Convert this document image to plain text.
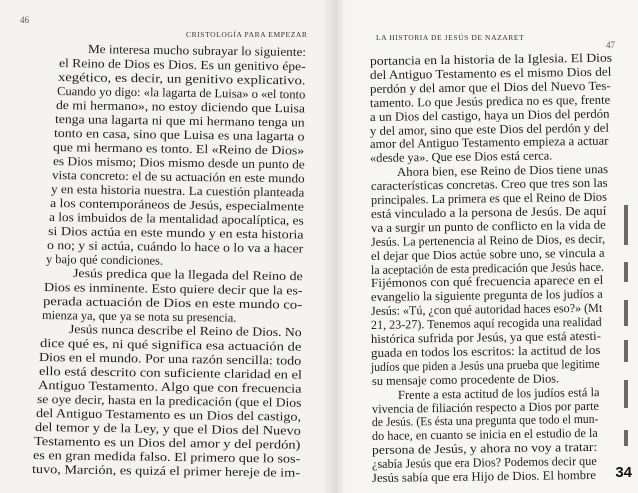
46
CRISTOLOGÍA PARA EMPEZAR
Me interesa mucho subrayar lo siguiente:
el Reino de Dios es Dios. Es un genitivo épe-
xegético, es decir, un genitivo explicativo.
Cuando yo digo: «la lagarta de Luisa» o «el tonto
de mi hermano», no estoy diciendo que Luisa
tenga una lagarta ni que mi hermano tenga un
tonto en casa, sino que Luisa es una lagarta o
que mi hermano es tonto. El «Reino de Dios»
es Dios mismo; Dios mismo desde un punto de
vista concreto: el de su actuación en este mundo
y en esta historia nuestra. La cuestión planteada
a los contemporáneos de Jesús, especialmente
a los imbuidos de la mentalidad apocalíptica, es
si Dios actúa en este mundo y en esta historia
o no; y si actúa, cuándo lo hace o lo va a hacer
y bajo qué condiciones.
Jesús predica que la llegada del Reino de
Dios es inminente. Esto quiere decir que la es-
perada actuación de Dios en este mundo co-
mienza ya, que ya se nota su presencia.
Jesús nunca describe el Reino de Dios. No
dice qué es, ni qué significa esa actuación de
Dios en el mundo. Por una razón sencilla: todo
ello está descrito con suficiente claridad en el
Antiguo Testamento. Algo que con frecuencia
se oye decir, hasta en la predicación (que el Dios
del Antiguo Testamento es un Dios del castigo,
del temor y de la Ley, y que el Dios del Nuevo
Testamento es un Dios del amor y del perdón)
es en gran medida falso. El primero que lo sos-
tuvo, Marción, es quizá el primer hereje de im-
LA HISTORIA DE JESÚS DE NAZARET
47
portancia en la historia de la Iglesia. El Dios
del Antiguo Testamento es el mismo Dios del
perdón y del amor que el Dios del Nuevo Tes-
tamento. Lo que Jesús predica no es que, frente
a un Dios del castigo, haya un Dios del perdón
y del amor, sino que este Dios del perdón y del
amor del Antiguo Testamento empieza a actuar
«desde ya». Que ese Dios está cerca.
Ahora bien, ese Reino de Dios tiene unas
características concretas. Creo que tres son las
principales. La primera es que el Reino de Dios
está vinculado a la persona de Jesús. De aquí
va a surgir un punto de conflicto en la vida de
Jesús. La pertenencia al Reino de Dios, es decir,
el dejar que Dios actúe sobre uno, se vincula a
la aceptación de esta predicación que Jesús hace.
Fijémonos con qué frecuencia aparece en el
evangelio la siguiente pregunta de los judíos a
Jesús: «Tú, ¿con qué autoridad haces eso?» (Mt
21, 23-27). Tenemos aquí recogida una realidad
histórica sufrida por Jesús, ya que está atesti-
guada en todos los escritos: la actitud de los
judíos que piden a Jesús una prueba que legitime
su mensaje como procedente de Dios.
Frente a esta actitud de los judíos está la
vivencia de filiación respecto a Dios por parte
de Jesús. (Es ésta una pregunta que todo el mun-
do hace, en cuanto se inicia en el estudio de la
persona de Jesús, y ahora no voy a tratar:
¿sabía Jesús que era Dios? Podemos decir que
Jesús sabía que era Hijo de Dios. El hombre 34
